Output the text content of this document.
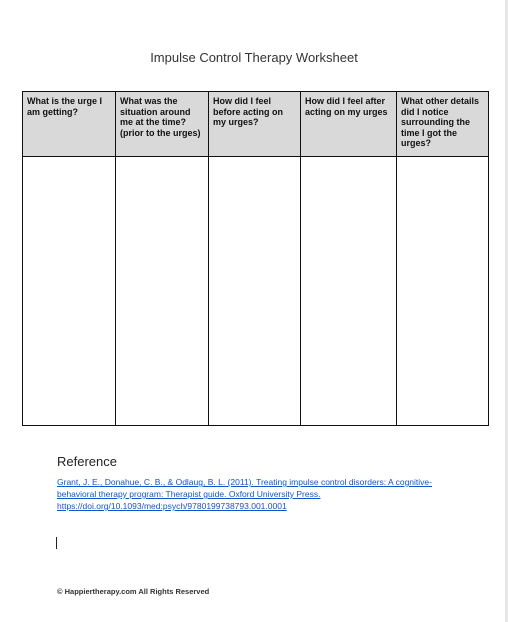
Impulse Control Therapy Worksheet
What is the urge I am getting?	What was the situation around me at the time? (prior to the urges)	How did I feel before acting on my urges?	How did I feel after acting on my urges	What other details did I notice surrounding the time I got the urges?

Reference
Grant, J. E., Donahue, C. B., & Odlaug, B. L. (2011). Treating impulse control disorders: A cognitive-behavioral therapy program: Therapist guide. Oxford University Press. https://doi.org/10.1093/med:psych/9780199738793.001.0001
© Happiertherapy.com All Rights Reserved
